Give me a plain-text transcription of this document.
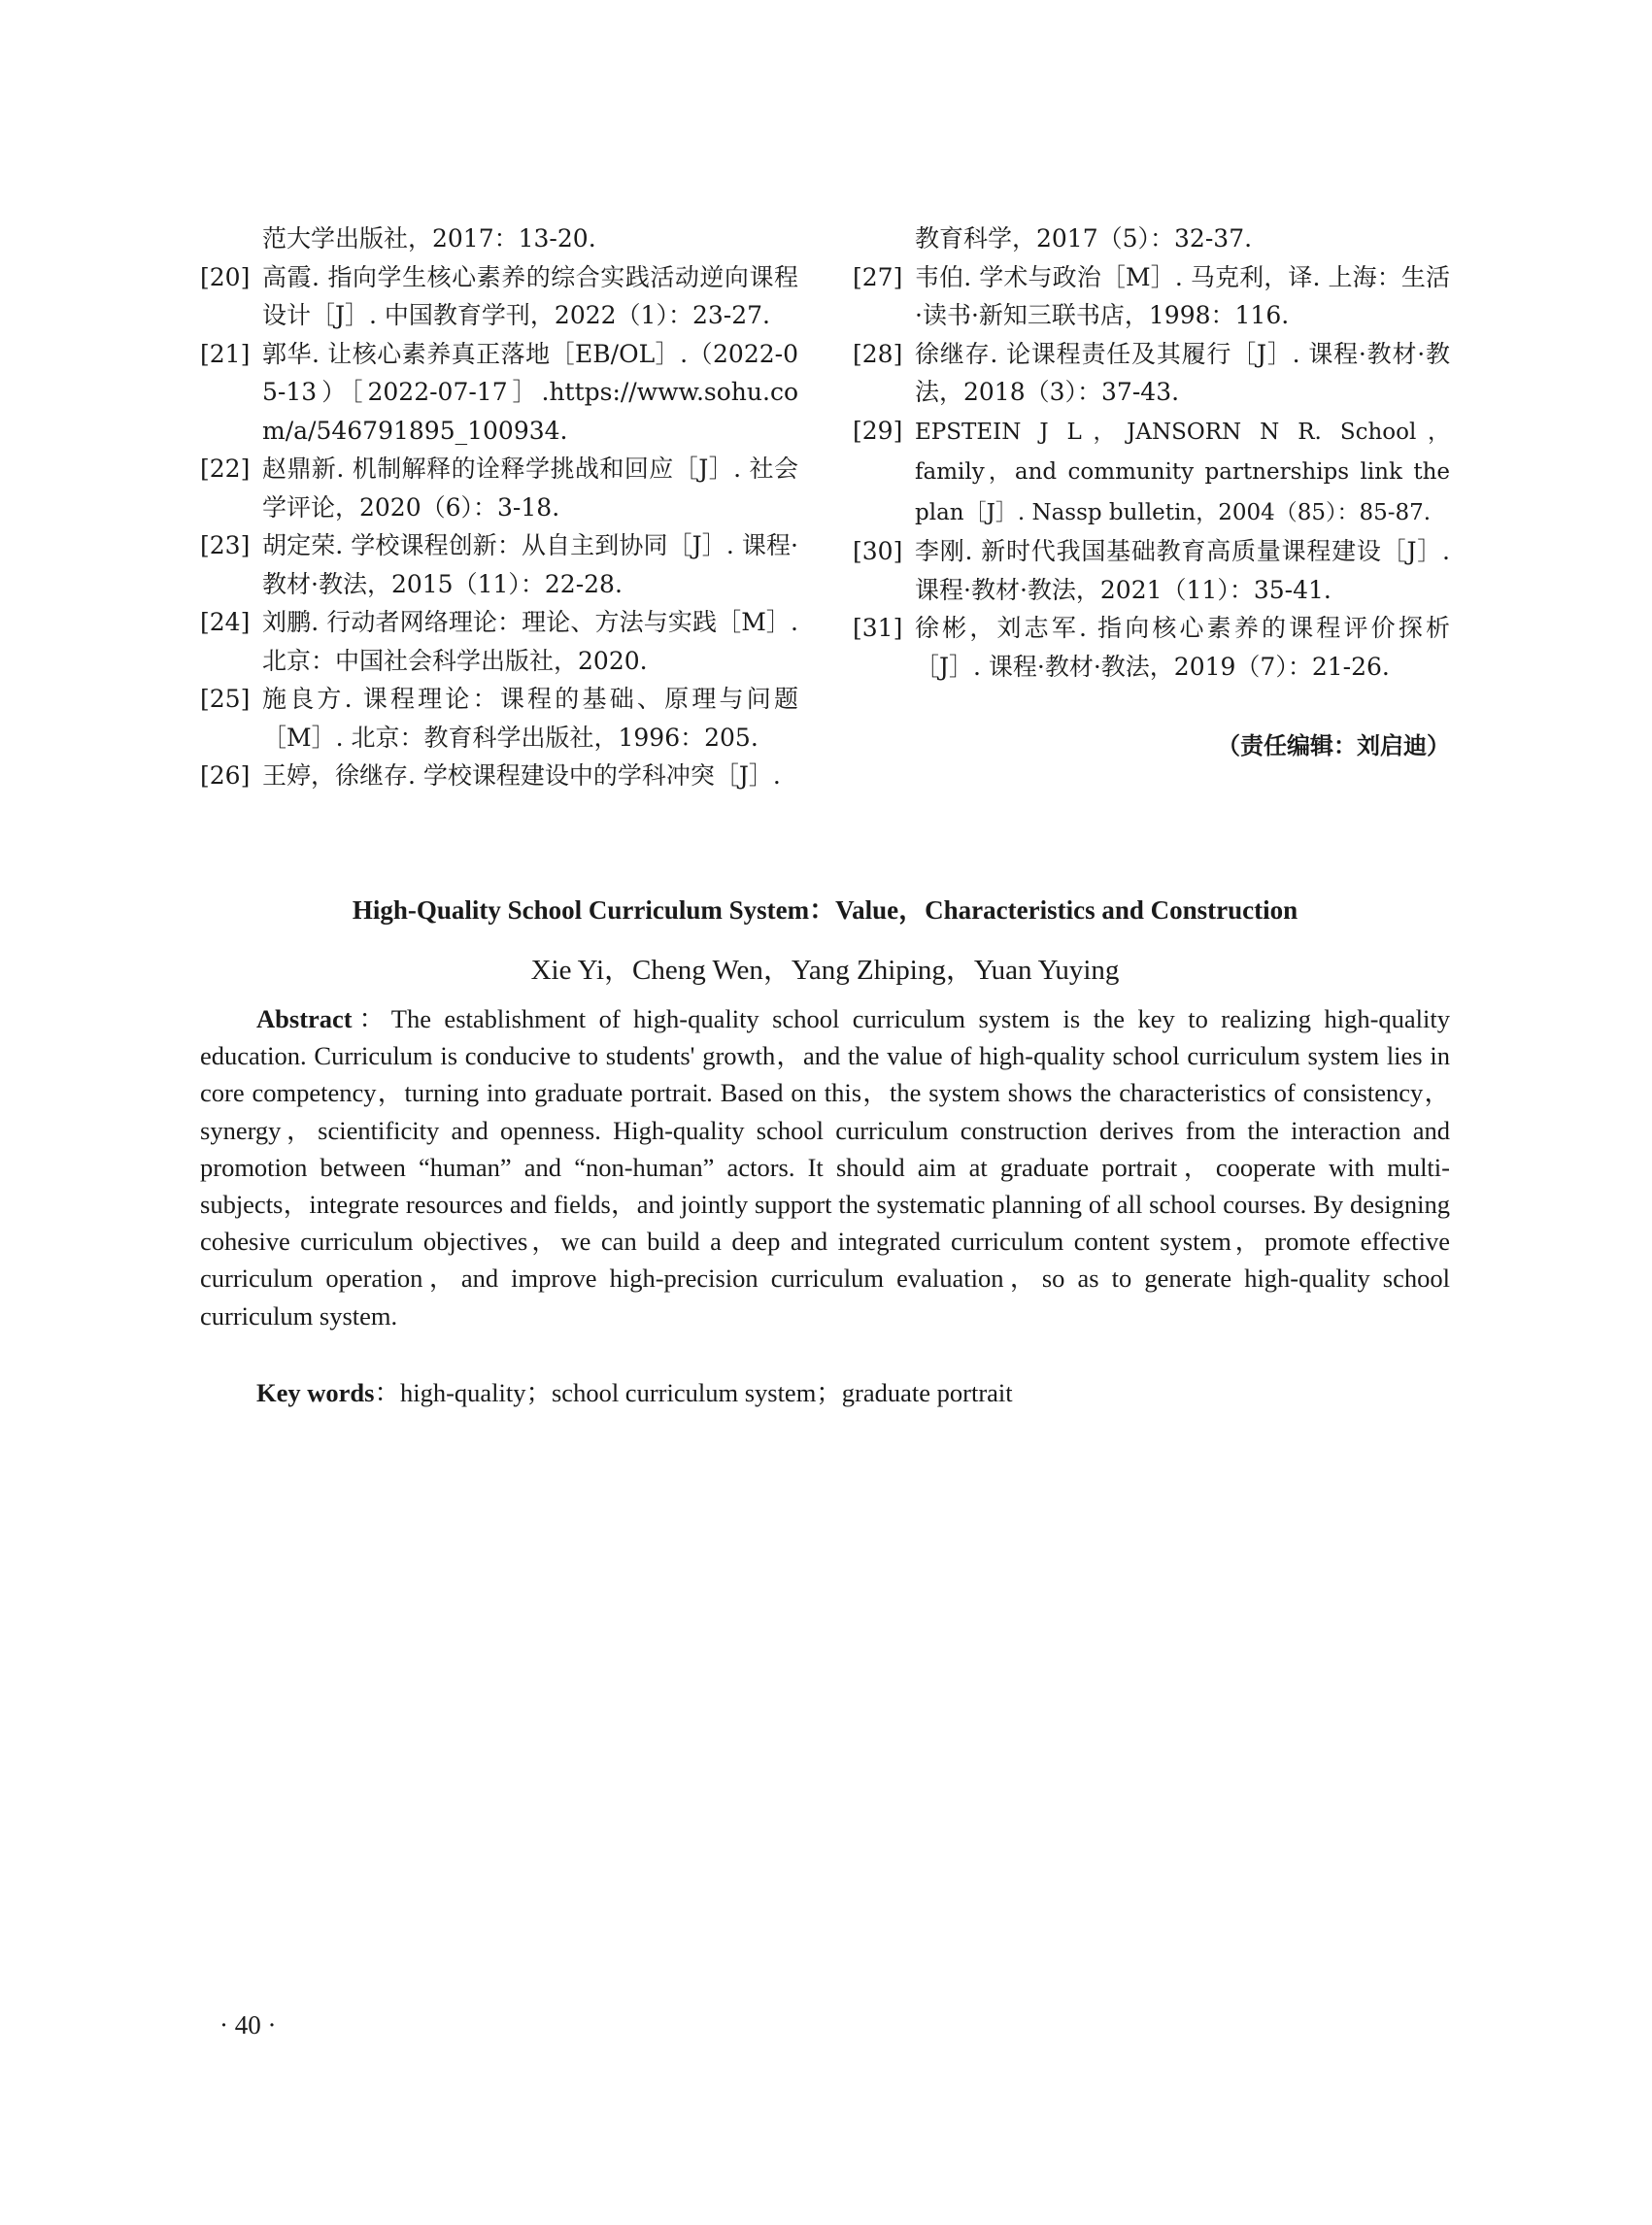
范大学出版社，2017：13-20.
[20] 高霞. 指向学生核心素养的综合实践活动逆向课程设计［J］. 中国教育学刊，2022（1）：23-27.
[21] 郭华. 让核心素养真正落地［EB/OL］.（2022-05-13）［2022-07-17］.https://www.sohu.com/a/546791895_100934.
[22] 赵鼎新. 机制解释的诠释学挑战和回应［J］. 社会学评论，2020（6）：3-18.
[23] 胡定荣. 学校课程创新：从自主到协同［J］. 课程·教材·教法，2015（11）：22-28.
[24] 刘鹏. 行动者网络理论：理论、方法与实践［M］. 北京：中国社会科学出版社，2020.
[25] 施良方. 课程理论：课程的基础、原理与问题［M］. 北京：教育科学出版社，1996：205.
[26] 王婷，徐继存. 学校课程建设中的学科冲突［J］.
教育科学，2017（5）：32-37.
[27] 韦伯. 学术与政治［M］. 马克利，译. 上海：生活·读书·新知三联书店，1998：116.
[28] 徐继存. 论课程责任及其履行［J］. 课程·教材·教法，2018（3）：37-43.
[29] EPSTEIN J L，JANSORN N R. School，family，and community partnerships link the plan［J］. Nassp bulletin，2004（85）：85-87.
[30] 李刚. 新时代我国基础教育高质量课程建设［J］. 课程·教材·教法，2021（11）：35-41.
[31] 徐彬，刘志军. 指向核心素养的课程评价探析［J］. 课程·教材·教法，2019（7）：21-26.
（责任编辑：刘启迪）
High-Quality School Curriculum System：Value，Characteristics and Construction
Xie Yi，Cheng Wen，Yang Zhiping，Yuan Yuying
Abstract：The establishment of high-quality school curriculum system is the key to realizing high-quality education. Curriculum is conducive to students' growth，and the value of high-quality school curriculum system lies in core competency，turning into graduate portrait. Based on this，the system shows the characteristics of consistency，synergy，scientificity and openness. High-quality school curriculum construction derives from the interaction and promotion between “human” and “non-human” actors. It should aim at graduate portrait，cooperate with multi-subjects，integrate resources and fields，and jointly support the systematic planning of all school courses. By designing cohesive curriculum objectives，we can build a deep and integrated curriculum content system，promote effective curriculum operation，and improve high-precision curriculum evaluation，so as to generate high-quality school curriculum system.
Key words：high-quality；school curriculum system；graduate portrait
· 40 ·
